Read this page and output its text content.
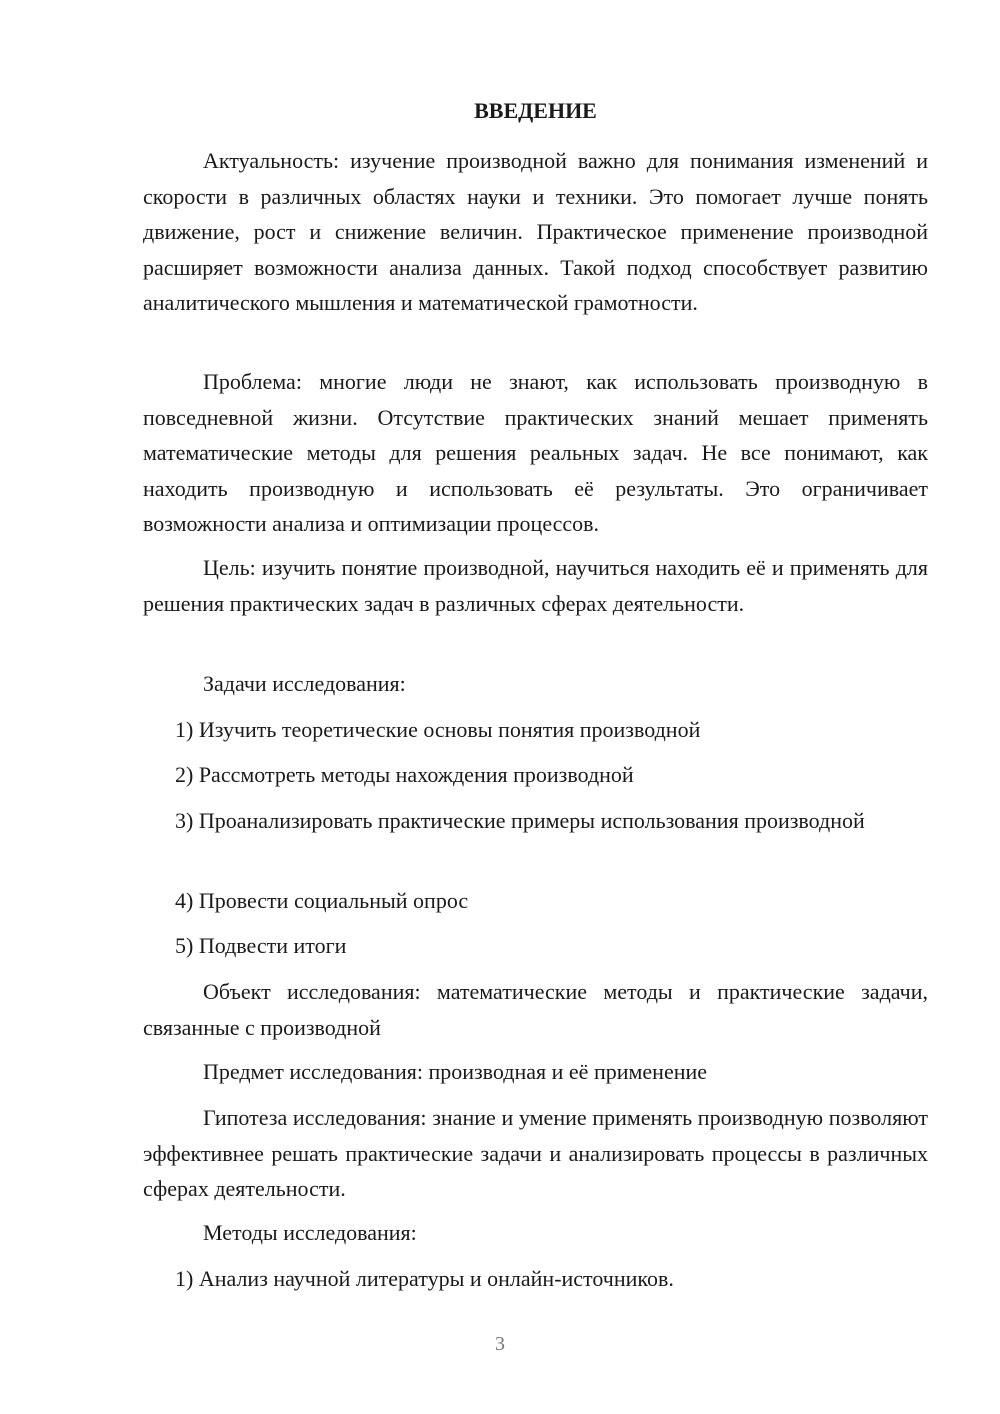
ВВЕДЕНИЕ
Актуальность: изучение производной важно для понимания изменений и скорости в различных областях науки и техники. Это помогает лучше понять движение, рост и снижение величин. Практическое применение производной расширяет возможности анализа данных. Такой подход способствует развитию аналитического мышления и математической грамотности.
Проблема: многие люди не знают, как использовать производную в повседневной жизни. Отсутствие практических знаний мешает применять математические методы для решения реальных задач. Не все понимают, как находить производную и использовать её результаты. Это ограничивает возможности анализа и оптимизации процессов.
Цель: изучить понятие производной, научиться находить её и применять для решения практических задач в различных сферах деятельности.
Задачи исследования:
1) Изучить теоретические основы понятия производной
2) Рассмотреть методы нахождения производной
3) Проанализировать практические примеры использования производной
4) Провести социальный опрос
5) Подвести итоги
Объект исследования: математические методы и практические задачи, связанные с производной
Предмет исследования: производная и её применение
Гипотеза исследования: знание и умение применять производную позволяют эффективнее решать практические задачи и анализировать процессы в различных сферах деятельности.
Методы исследования:
1) Анализ научной литературы и онлайн-источников.
3
